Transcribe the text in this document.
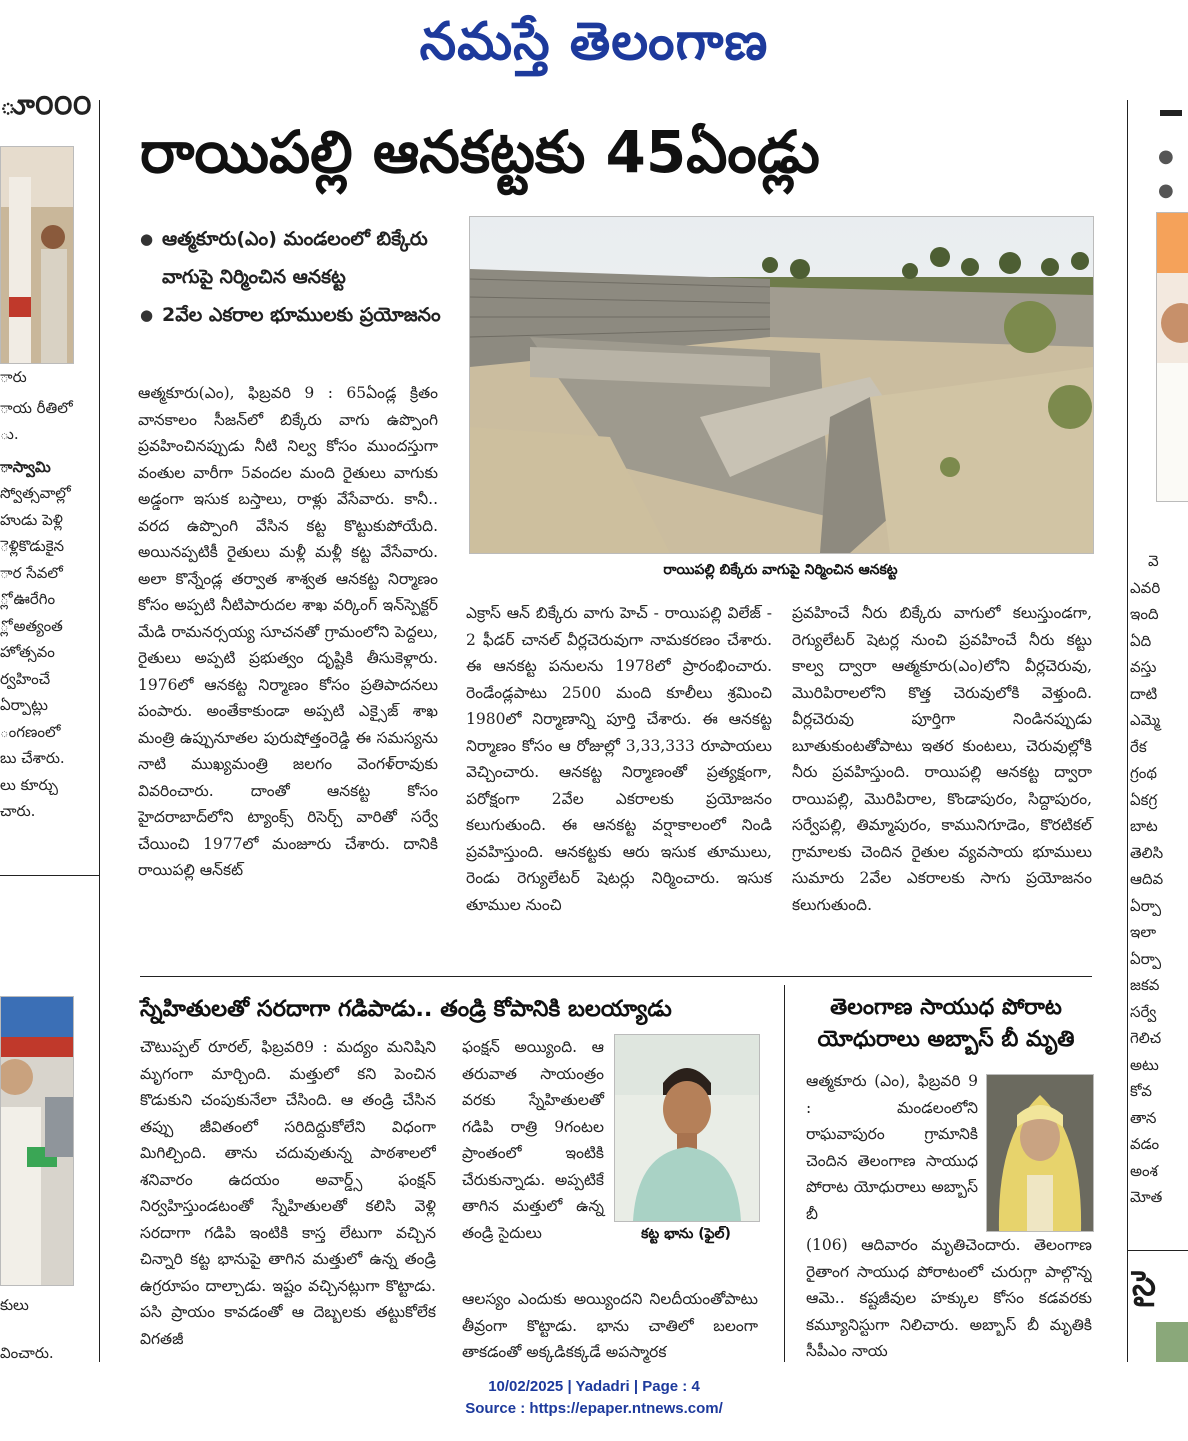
నమస్తే తెలంగాణ
ూ౦౦౦
ారు
ాయ రీతిలో
ు.
ాస్వామి
స్వోత్సవాల్లో
హుడు పెళ్లి
ెళ్లికొడుకైన
ార సేవలో
్లో ఊరేగిం
్లో అత్యంత
హోత్సవం
ర్వహించే
ఏర్పాట్లు
ంగణంలో
బు చేశారు.
లు కూర్చు
చారు.
కులు
వించారు.
●
●
వె
ఎవరి
ఇంది
ఏది
వస్తు
దాటి
ఎమ్మె
రేక
గ్రంథ
ఏకగ్ర
బాట
తెలిసి
ఆదివ
ఏర్పా
ఇలా
ఏర్పా
జకవ
సర్వే
గెలిచ
అటు
కోవ
తాన
వడం
అంశ
మోత
సై
రాయిపల్లి ఆనకట్టకు 45ఏండ్లు
● ఆత్మకూరు(ఎం) మండలంలో బిక్కేరు వాగుపై నిర్మించిన ఆనకట్ట
● 2వేల ఎకరాల భూములకు ప్రయోజనం
రాయిపల్లి బిక్కేరు వాగుపై నిర్మించిన ఆనకట్ట

ఆత్మకూరు(ఎం), ఫిబ్రవరి 9 : 65ఏండ్ల క్రితం వానకాలం సీజన్‌లో బిక్కేరు వాగు ఉప్పొంగి ప్రవహించినప్పుడు నీటి నిల్వ కోసం ముందస్తుగా వంతుల వారీగా 5వందల మంది రైతులు వాగుకు అడ్డంగా ఇసుక బస్తాలు, రాళ్లు వేసేవారు. కానీ.. వరద ఉప్పొంగి వేసిన కట్ట కొట్టుకుపోయేది. అయినప్పటికీ రైతులు మళ్లీ మళ్లీ కట్ట వేసేవారు. అలా కొన్నేండ్ల తర్వాత శాశ్వత ఆనకట్ట నిర్మాణం కోసం అప్పటి నీటిపారుదల శాఖ వర్కింగ్ ఇన్‌స్పెక్టర్ మేడి రామనర్సయ్య సూచనతో గ్రామంలోని పెద్దలు, రైతులు అప్పటి ప్రభుత్వం దృష్టికి తీసుకెళ్లారు. 1976లో ఆనకట్ట నిర్మాణం కోసం ప్రతిపాదనలు పంపారు. అంతేకాకుండా అప్పటి ఎక్సైజ్ శాఖ మంత్రి ఉప్పునూతల పురుషోత్తంరెడ్డి ఈ సమస్యను నాటి ముఖ్యమంత్రి జలగం వెంగళ్‌రావుకు వివరించారు. దాంతో ఆనకట్ట కోసం హైదరాబాద్‌లోని ట్యాంక్స్ రిసెర్చ్ వారితో సర్వే చేయించి 1977లో మంజూరు చేశారు. దానికి రాయిపల్లి ఆన్‌కట్

ఎక్రాస్ ఆన్ బిక్కేరు వాగు హెచ్ - రాయిపల్లి విలేజ్ - 2 ఫీడర్ చానల్ వీర్లచెరువుగా నామకరణం చేశారు. ఈ ఆనకట్ట పనులను 1978లో ప్రారంభించారు. రెండేండ్లపాటు 2500 మంది కూలీలు శ్రమించి 1980లో నిర్మాణాన్ని పూర్తి చేశారు. ఈ ఆనకట్ట నిర్మాణం కోసం ఆ రోజుల్లో 3,33,333 రూపాయలు వెచ్చించారు. ఆనకట్ట నిర్మాణంతో ప్రత్యక్షంగా, పరోక్షంగా 2వేల ఎకరాలకు ప్రయోజనం కలుగుతుంది. ఈ ఆనకట్ట వర్షాకాలంలో నిండి ప్రవహిస్తుంది. ఆనకట్టకు ఆరు ఇసుక తూములు, రెండు రెగ్యులేటర్ షెటర్లు నిర్మించారు. ఇసుక తూముల నుంచి

ప్రవహించే నీరు బిక్కేరు వాగులో కలుస్తుండగా, రెగ్యులేటర్ షెటర్ల నుంచి ప్రవహించే నీరు కట్టు కాల్వ ద్వారా ఆత్మకూరు(ఎం)లోని వీర్లచెరువు, మొరిపిరాలలోని కొత్త చెరువులోకి వెళ్తుంది. వీర్లచెరువు పూర్తిగా నిండినప్పుడు బూతుకుంటతోపాటు ఇతర కుంటలు, చెరువుల్లోకి నీరు ప్రవహిస్తుంది. రాయిపల్లి ఆనకట్ట ద్వారా రాయిపల్లి, మొరిపిరాల, కొండాపురం, సిద్దాపురం, సర్వేపల్లి, తిమ్మాపురం, కామునిగూడెం, కొరటికల్ గ్రామాలకు చెందిన రైతుల వ్యవసాయ భూములు సుమారు 2వేల ఎకరాలకు సాగు ప్రయోజనం కలుగుతుంది.

స్నేహితులతో సరదాగా గడిపాడు.. తండ్రి కోపానికి బలయ్యాడు

చౌటుప్పల్ రూరల్, ఫిబ్రవరి9 : మద్యం మనిషిని మృగంగా మార్చింది. మత్తులో కని పెంచిన కొడుకుని చంపుకునేలా చేసింది. ఆ తండ్రి చేసిన తప్పు జీవితంలో సరిదిద్దుకోలేని విధంగా మిగిల్చింది. తాను చదువుతున్న పాఠశాలలో శనివారం ఉదయం అవార్డ్స్ ఫంక్షన్ నిర్వహిస్తుండటంతో స్నేహితులతో కలిసి వెళ్లి సరదాగా గడిపి ఇంటికి కాస్త లేటుగా వచ్చిన చిన్నారి కట్ట భానుపై తాగిన మత్తులో ఉన్న తండ్రి ఉగ్రరూపం దాల్చాడు. ఇష్టం వచ్చినట్లుగా కొట్టాడు. పసి ప్రాయం కావడంతో ఆ దెబ్బలకు తట్టుకోలేక విగతజీ

ఫంక్షన్ అయ్యింది. ఆ తరువాత సాయంత్రం వరకు స్నేహితులతో గడిపి రాత్రి 9గంటల ప్రాంతంలో ఇంటికి చేరుకున్నాడు. అప్పటికే తాగిన మత్తులో ఉన్న తండ్రి సైదులు	కట్ట భాను (ఫైల్)

ఆలస్యం ఎందుకు అయ్యిందని నిలదీయంతోపాటు తీవ్రంగా కొట్టాడు. భాను చాతిలో బలంగా తాకడంతో అక్కడికక్కడే అపస్మారక

తెలంగాణ సాయుధ పోరాట
యోధురాలు అబ్బాస్ బీ మృతి

ఆత్మకూరు (ఎం), ఫిబ్రవరి 9 : మండలంలోని రాఘవాపురం గ్రామానికి చెందిన తెలంగాణ సాయుధ పోరాట యోధురాలు అబ్బాస్ బీ

(106) ఆదివారం మృతిచెందారు. తెలంగాణ రైతాంగ సాయుధ పోరాటంలో చురుగ్గా పాల్గొన్న ఆమె.. కష్టజీవుల హక్కుల కోసం కడవరకు కమ్యూనిస్టుగా నిలిచారు. అబ్బాస్ బీ మృతికి సీపీఎం నాయ

10/02/2025 | Yadadri | Page : 4
Source : https://epaper.ntnews.com/
